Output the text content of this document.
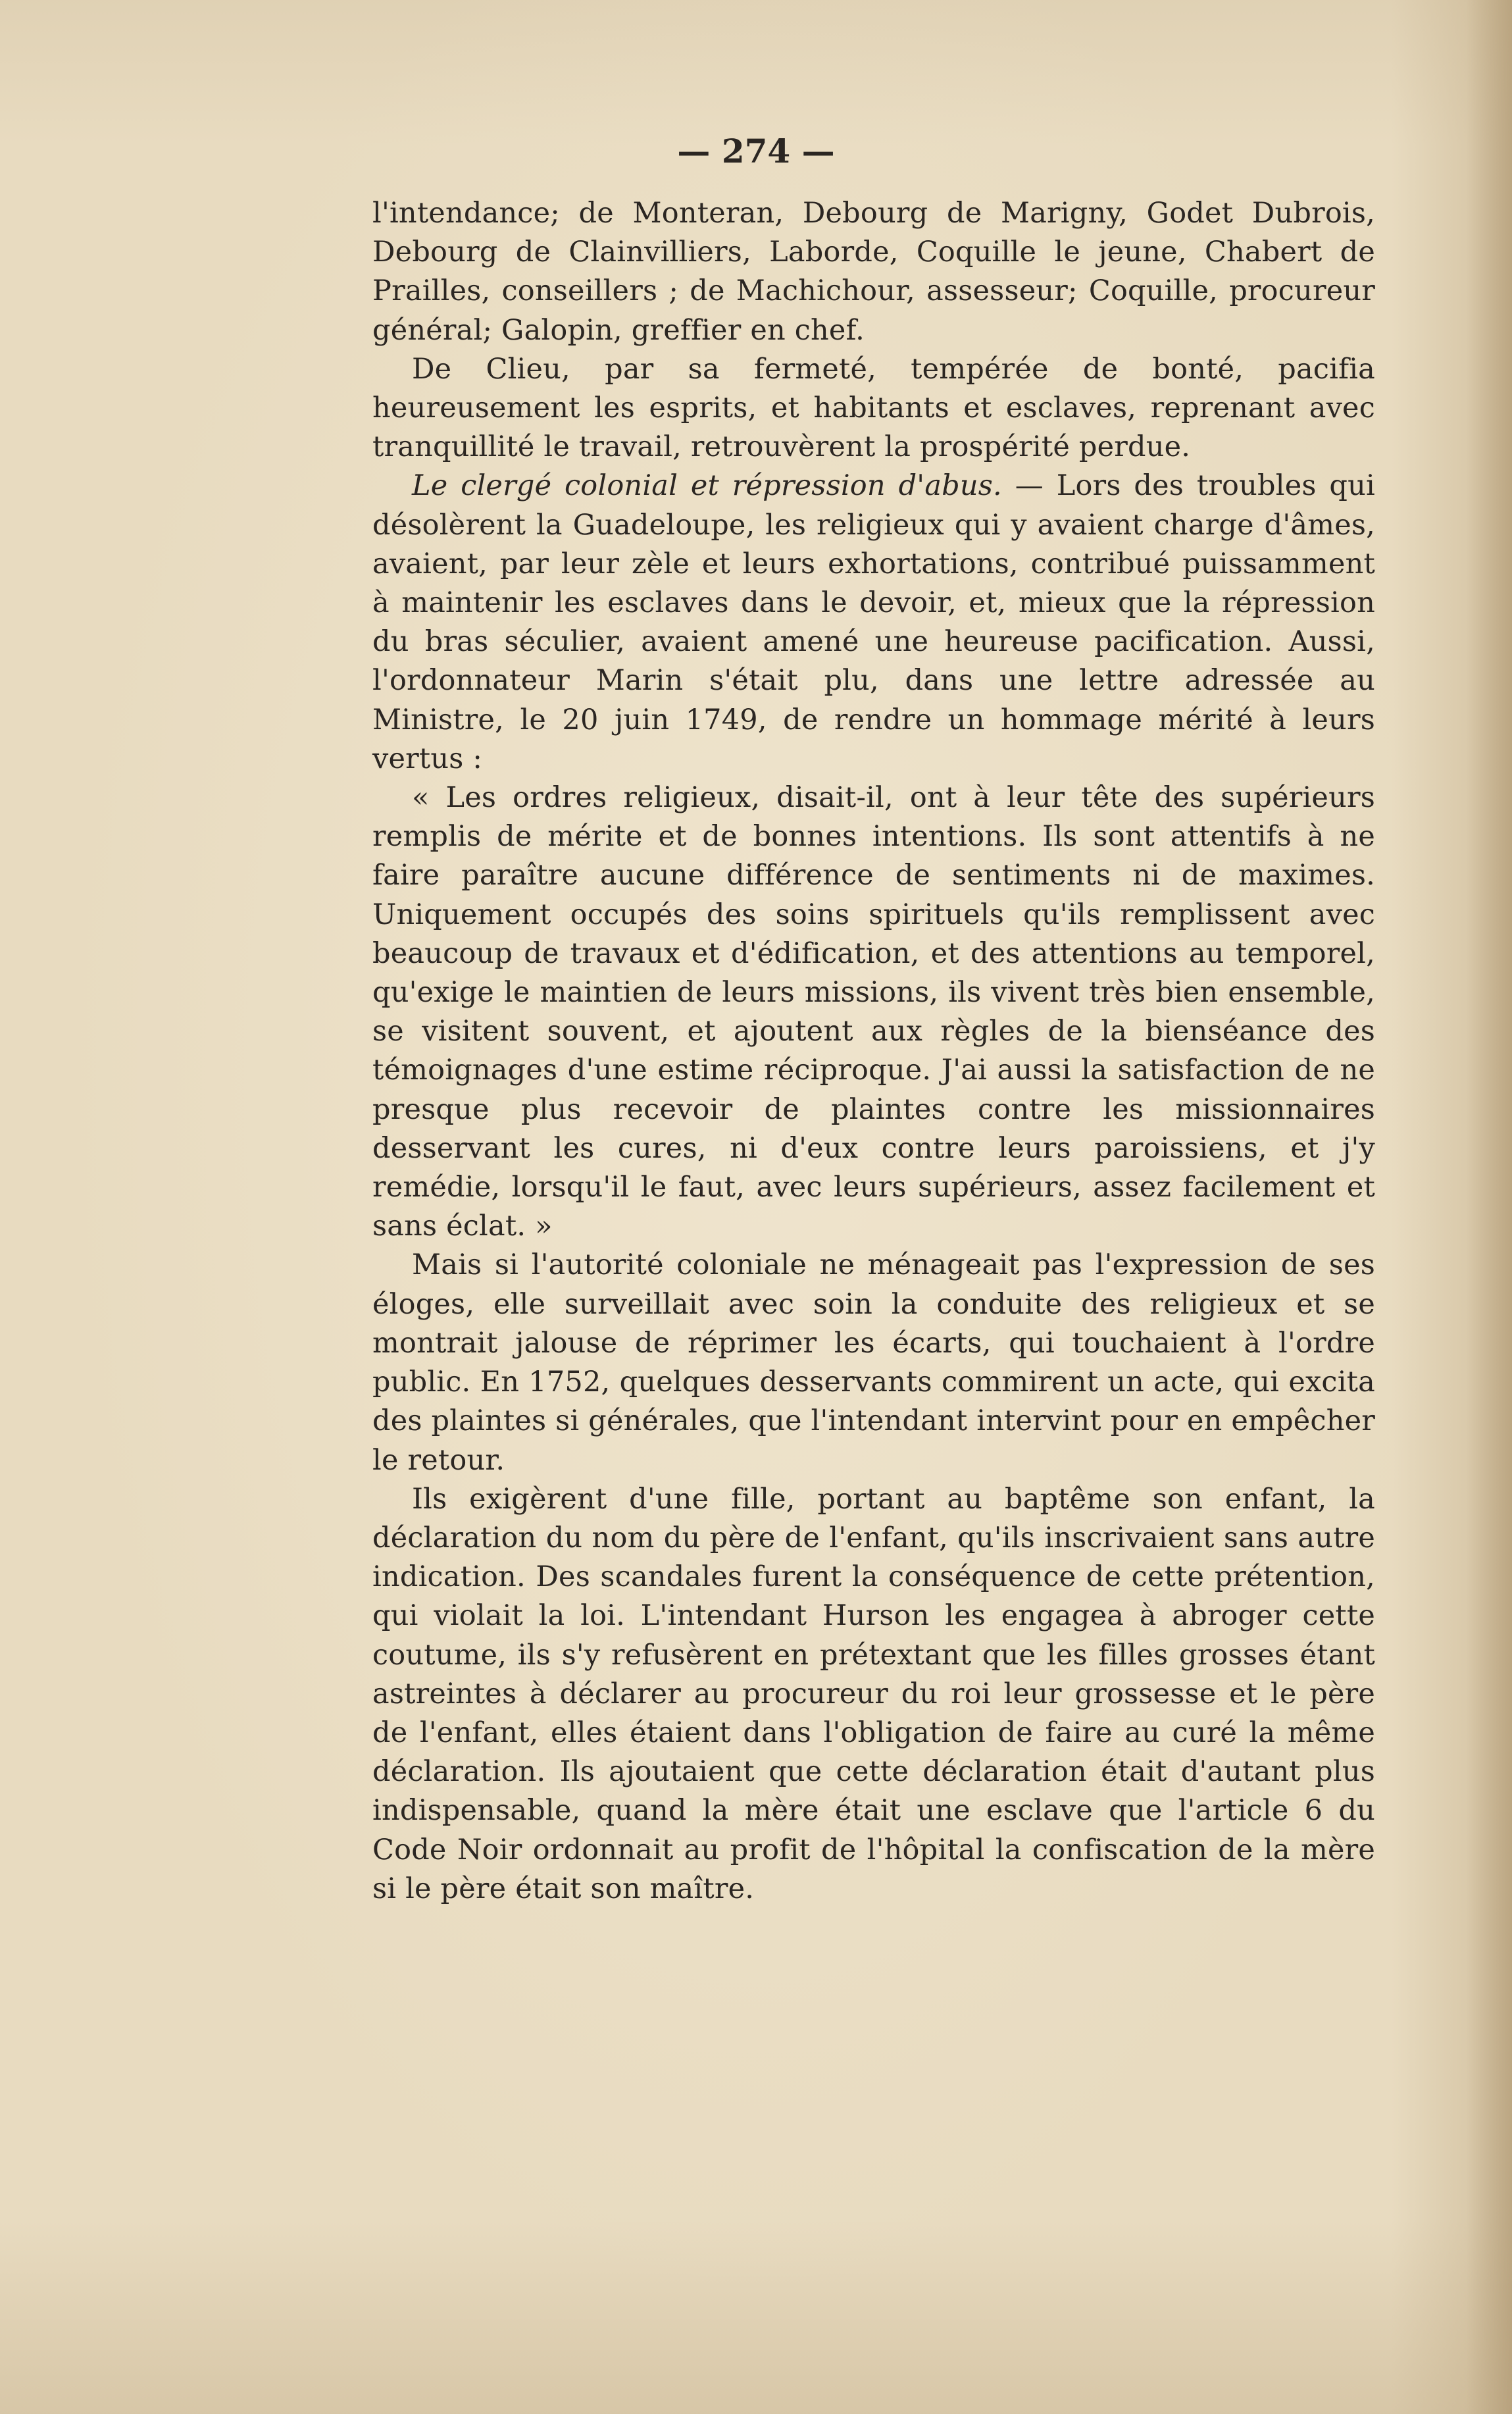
— 274 —

l'intendance; de Monteran, Debourg de Marigny, Godet Dubrois, Debourg de Clainvilliers, Laborde, Coquille le jeune, Chabert de Prailles, conseillers ; de Machichour, assesseur; Coquille, procureur général; Galopin, greffier en chef.

De Clieu, par sa fermeté, tempérée de bonté, pacifia heureusement les esprits, et habitants et esclaves, reprenant avec tranquillité le travail, retrouvèrent la prospérité perdue.

Le clergé colonial et répression d'abus. — Lors des troubles qui désolèrent la Guadeloupe, les religieux qui y avaient charge d'âmes, avaient, par leur zèle et leurs exhortations, contribué puissamment à maintenir les esclaves dans le devoir, et, mieux que la répression du bras séculier, avaient amené une heureuse pacification. Aussi, l'ordonnateur Marin s'était plu, dans une lettre adressée au Ministre, le 20 juin 1749, de rendre un hommage mérité à leurs vertus :

« Les ordres religieux, disait-il, ont à leur tête des supérieurs remplis de mérite et de bonnes intentions. Ils sont attentifs à ne faire paraître aucune différence de sentiments ni de maximes. Uniquement occupés des soins spirituels qu'ils remplissent avec beaucoup de travaux et d'édification, et des attentions au temporel, qu'exige le maintien de leurs missions, ils vivent très bien ensemble, se visitent souvent, et ajoutent aux règles de la bienséance des témoignages d'une estime réciproque. J'ai aussi la satisfaction de ne presque plus recevoir de plaintes contre les missionnaires desservant les cures, ni d'eux contre leurs paroissiens, et j'y remédie, lorsqu'il le faut, avec leurs supérieurs, assez facilement et sans éclat. »

Mais si l'autorité coloniale ne ménageait pas l'expression de ses éloges, elle surveillait avec soin la conduite des religieux et se montrait jalouse de réprimer les écarts, qui touchaient à l'ordre public. En 1752, quelques desservants commirent un acte, qui excita des plaintes si générales, que l'intendant intervint pour en empêcher le retour.

Ils exigèrent d'une fille, portant au baptême son enfant, la déclaration du nom du père de l'enfant, qu'ils inscrivaient sans autre indication. Des scandales furent la conséquence de cette prétention, qui violait la loi. L'intendant Hurson les engagea à abroger cette coutume, ils s'y refusèrent en prétextant que les filles grosses étant astreintes à déclarer au procureur du roi leur grossesse et le père de l'enfant, elles étaient dans l'obligation de faire au curé la même déclaration. Ils ajoutaient que cette déclaration était d'autant plus indispensable, quand la mère était une esclave que l'article 6 du Code Noir ordonnait au profit de l'hôpital la confiscation de la mère si le père était son maître.
